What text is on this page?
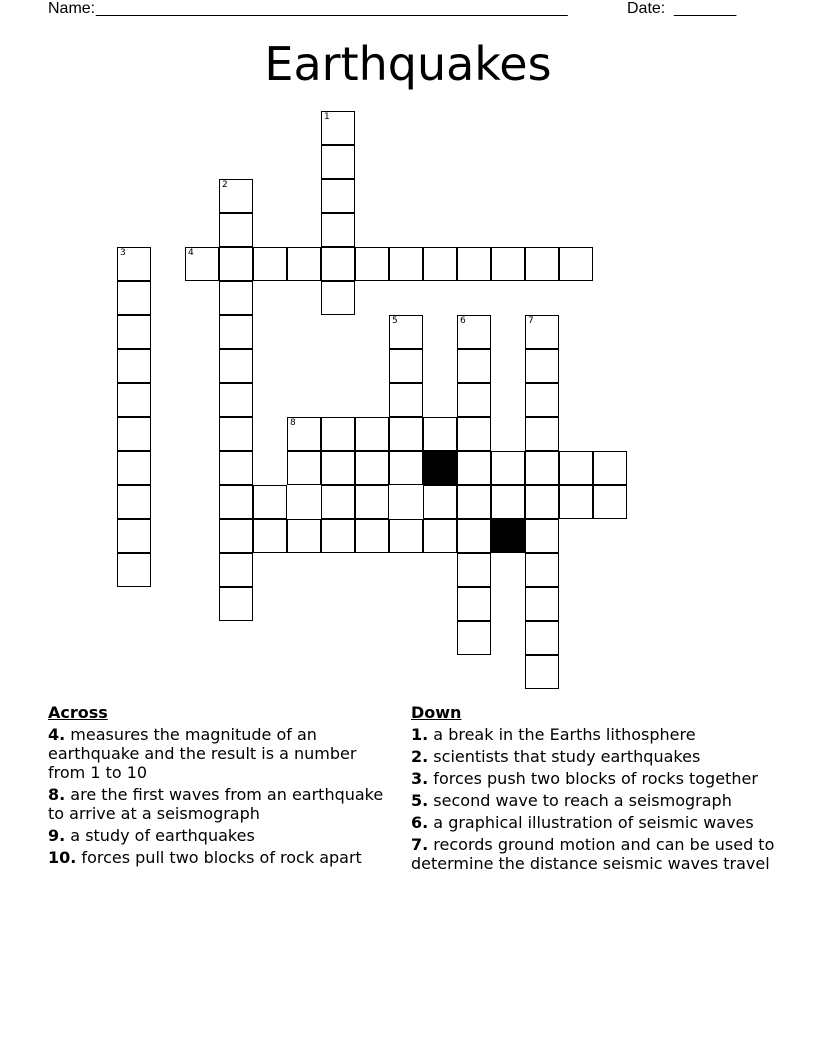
Name: _____________________________________________________	Date: _______
Earthquakes
1
2
3	4
5	6	7
8
Across
4. measures the magnitude of an earthquake and the result is a number from 1 to 10
8. are the first waves from an earthquake to arrive at a seismograph
9. a study of earthquakes
10. forces pull two blocks of rock apart
Down
1. a break in the Earths lithosphere
2. scientists that study earthquakes
3. forces push two blocks of rocks together
5. second wave to reach a seismograph
6. a graphical illustration of seismic waves
7. records ground motion and can be used to determine the distance seismic waves travel
